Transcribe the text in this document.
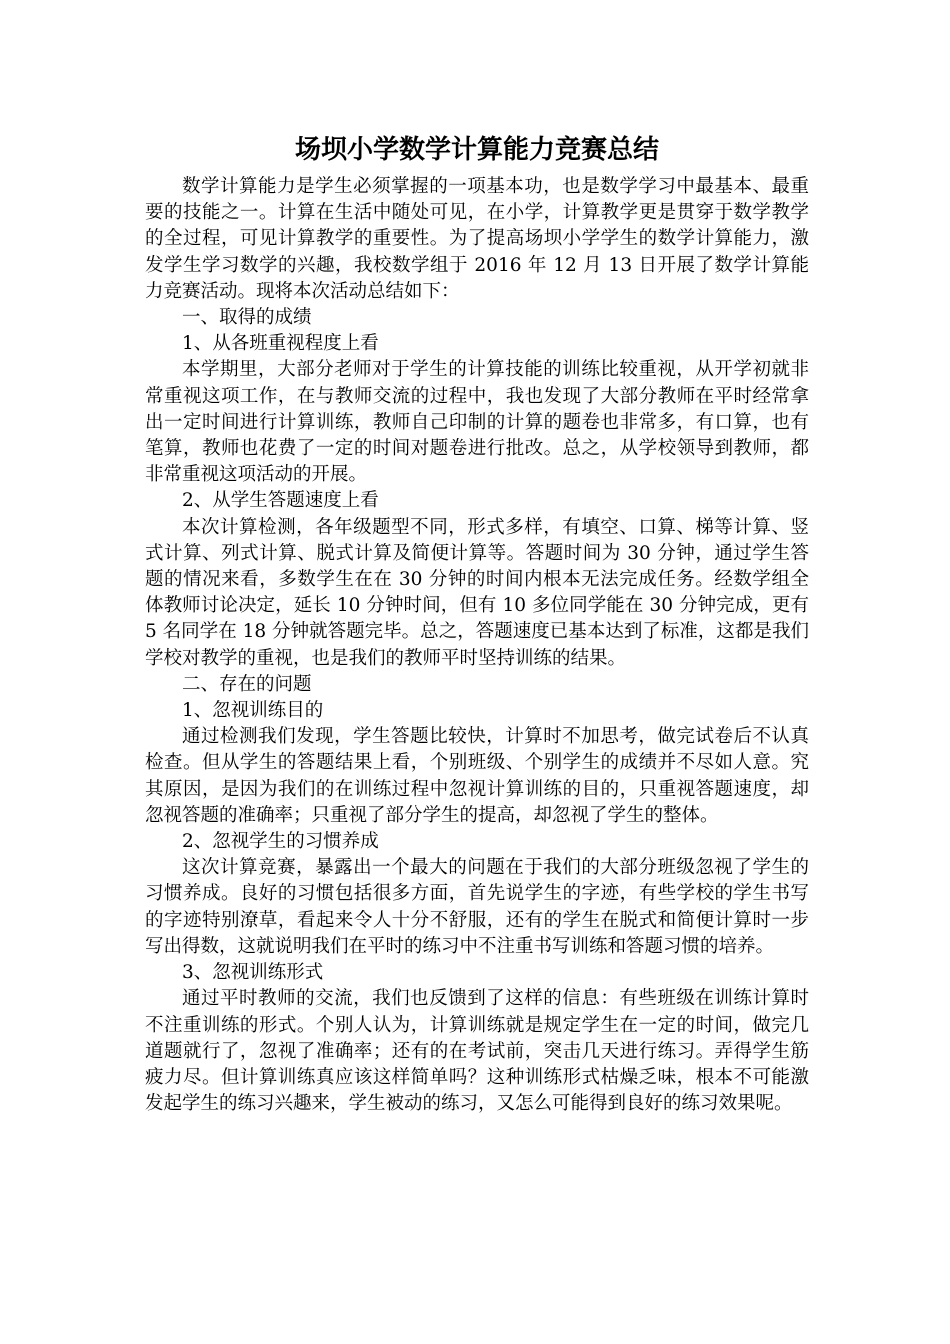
场坝小学数学计算能力竞赛总结

数学计算能力是学生必须掌握的一项基本功，也是数学学习中最基本、最重要的技能之一。计算在生活中随处可见，在小学，计算教学更是贯穿于数学教学的全过程，可见计算教学的重要性。为了提高场坝小学学生的数学计算能力，激发学生学习数学的兴趣，我校数学组于 2016 年 12 月 13 日开展了数学计算能力竞赛活动。现将本次活动总结如下：

一、取得的成绩

1、从各班重视程度上看

本学期里，大部分老师对于学生的计算技能的训练比较重视，从开学初就非常重视这项工作，在与教师交流的过程中，我也发现了大部分教师在平时经常拿出一定时间进行计算训练，教师自己印制的计算的题卷也非常多，有口算，也有笔算，教师也花费了一定的时间对题卷进行批改。总之，从学校领导到教师，都非常重视这项活动的开展。

2、从学生答题速度上看

本次计算检测，各年级题型不同，形式多样，有填空、口算、梯等计算、竖式计算、列式计算、脱式计算及简便计算等。答题时间为 30 分钟，通过学生答题的情况来看，多数学生在在 30 分钟的时间内根本无法完成任务。经数学组全体教师讨论决定，延长 10 分钟时间，但有 10 多位同学能在 30 分钟完成，更有 5 名同学在 18 分钟就答题完毕。总之，答题速度已基本达到了标准，这都是我们学校对教学的重视，也是我们的教师平时坚持训练的结果。

二、存在的问题

1、忽视训练目的

通过检测我们发现，学生答题比较快，计算时不加思考，做完试卷后不认真检查。但从学生的答题结果上看，个别班级、个别学生的成绩并不尽如人意。究其原因，是因为我们的在训练过程中忽视计算训练的目的，只重视答题速度，却忽视答题的准确率；只重视了部分学生的提高，却忽视了学生的整体。

2、忽视学生的习惯养成

这次计算竞赛，暴露出一个最大的问题在于我们的大部分班级忽视了学生的习惯养成。良好的习惯包括很多方面，首先说学生的字迹，有些学校的学生书写的字迹特别潦草，看起来令人十分不舒服，还有的学生在脱式和简便计算时一步写出得数，这就说明我们在平时的练习中不注重书写训练和答题习惯的培养。

3、忽视训练形式

通过平时教师的交流，我们也反馈到了这样的信息：有些班级在训练计算时不注重训练的形式。个别人认为，计算训练就是规定学生在一定的时间，做完几道题就行了，忽视了准确率；还有的在考试前，突击几天进行练习。弄得学生筋疲力尽。但计算训练真应该这样简单吗？这种训练形式枯燥乏味，根本不可能激发起学生的练习兴趣来，学生被动的练习，又怎么可能得到良好的练习效果呢。
